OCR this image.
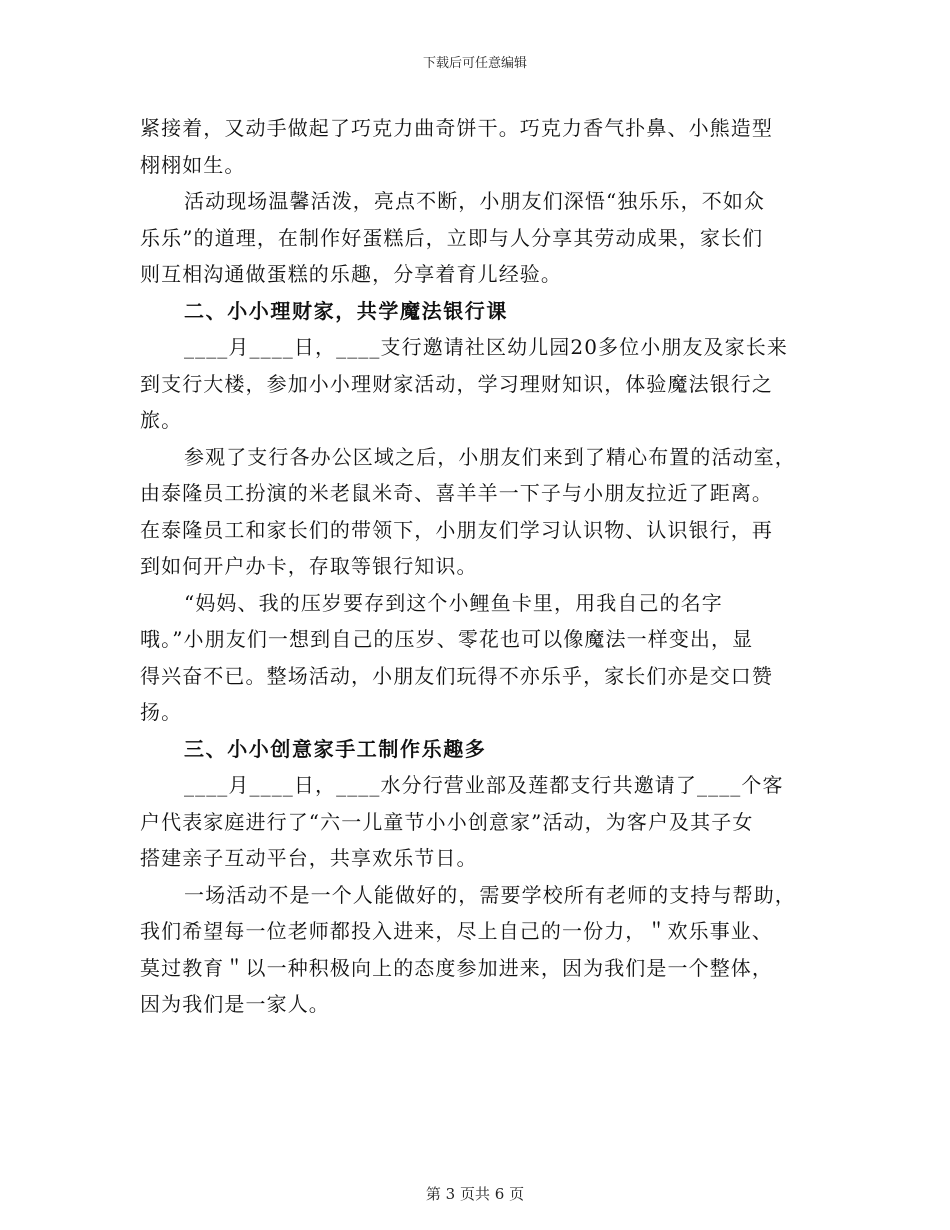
下载后可任意编辑
紧接着，又动手做起了巧克力曲奇饼干。巧克力香气扑鼻、小熊造型
栩栩如生。
活动现场温馨活泼，亮点不断，小朋友们深悟“独乐乐，不如众
乐乐”的道理，在制作好蛋糕后，立即与人分享其劳动成果，家长们
则互相沟通做蛋糕的乐趣，分享着育儿经验。
二、小小理财家，共学魔法银行课
____月____日，____支行邀请社区幼儿园20多位小朋友及家长来
到支行大楼，参加小小理财家活动，学习理财知识，体验魔法银行之
旅。
参观了支行各办公区域之后，小朋友们来到了精心布置的活动室，
由泰隆员工扮演的米老鼠米奇、喜羊羊一下子与小朋友拉近了距离。
在泰隆员工和家长们的带领下，小朋友们学习认识物、认识银行，再
到如何开户办卡，存取等银行知识。
“妈妈、我的压岁要存到这个小鲤鱼卡里，用我自己的名字
哦。”小朋友们一想到自己的压岁、零花也可以像魔法一样变出，显
得兴奋不已。整场活动，小朋友们玩得不亦乐乎，家长们亦是交口赞
扬。
三、小小创意家手工制作乐趣多
____月____日，____水分行营业部及莲都支行共邀请了____个客
户代表家庭进行了“六一儿童节小小创意家”活动，为客户及其子女
搭建亲子互动平台，共享欢乐节日。
一场活动不是一个人能做好的，需要学校所有老师的支持与帮助，
我们希望每一位老师都投入进来，尽上自己的一份力，＂欢乐事业、
莫过教育＂以一种积极向上的态度参加进来，因为我们是一个整体，
因为我们是一家人。
第 3 页共 6 页
